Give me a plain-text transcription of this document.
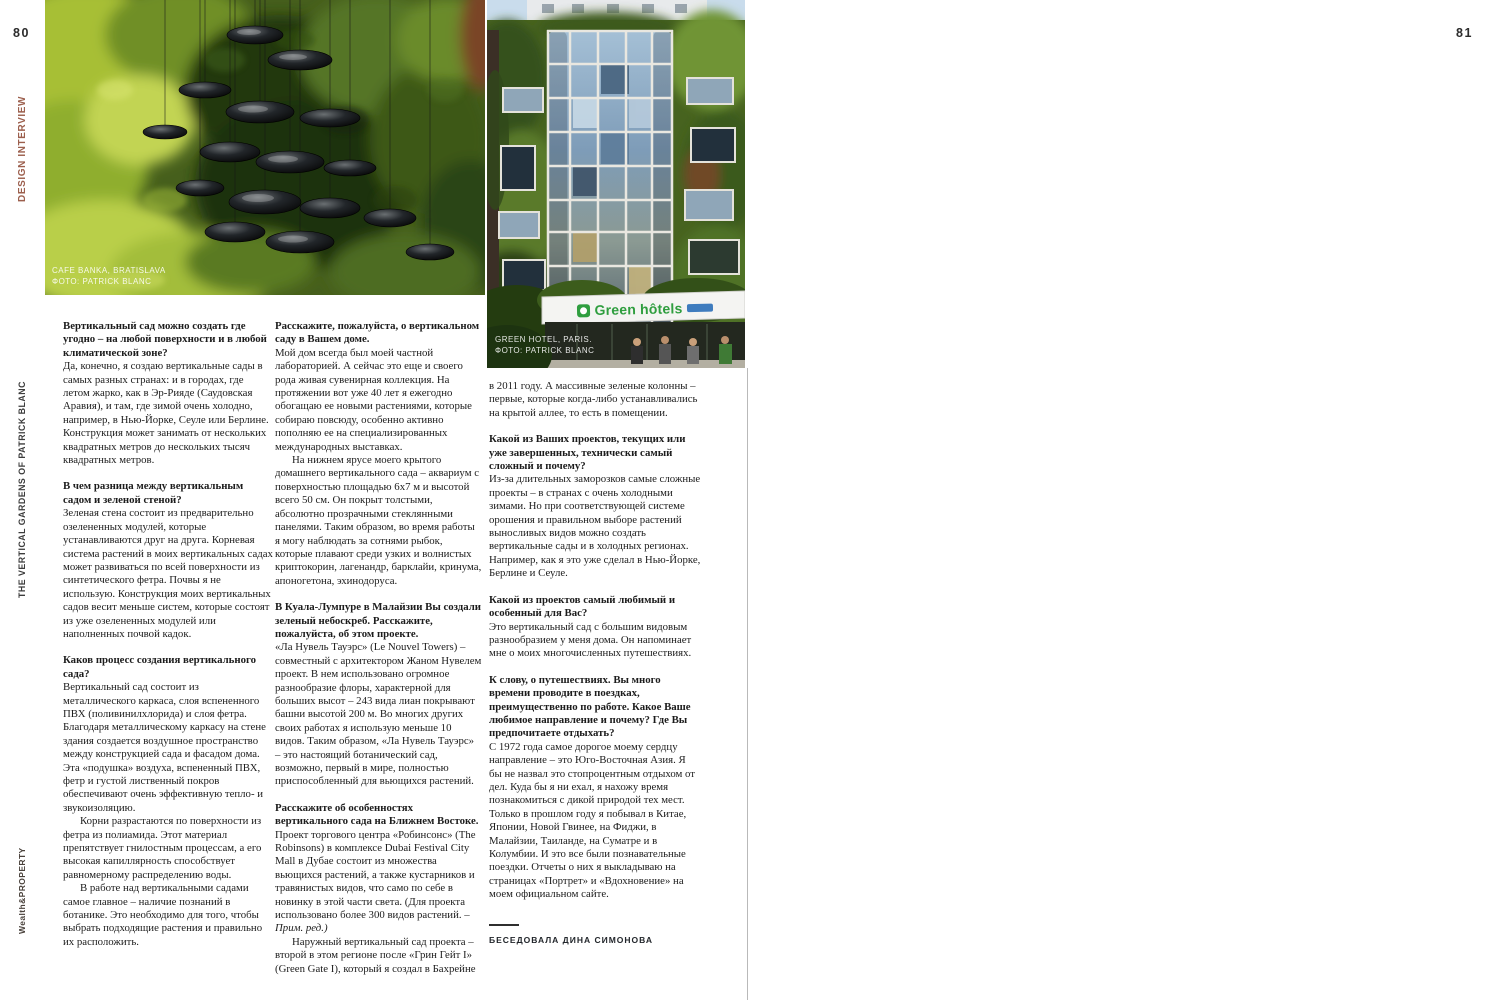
80	81
DESIGN INTERVIEW
THE VERTICAL GARDENS OF PATRICK BLANC
Wealth&PROPERTY
CAFE BANKA, BRATISLAVA
ФОТО: PATRICK BLANC
Green hôtels
GREEN HOTEL, PARIS.
ФОТО: PATRICK BLANC
Вертикальный сад можно создать где угодно – на любой поверхности и в любой климатической зоне?

Да, конечно, я создаю вертикальные сады в самых разных странах: и в городах, где летом жарко, как в Эр-Рияде (Саудовская Аравия), и там, где зимой очень холодно, например, в Нью-Йорке, Сеуле или Берлине. Конструкция может занимать от нескольких квадратных метров до нескольких тысяч квадратных метров.

В чем разница между вертикальным садом и зеленой стеной?

Зеленая стена состоит из предварительно озелененных модулей, которые устанавливаются друг на друга. Корневая система растений в моих вертикальных садах может развиваться по всей поверхности из синтетического фетра. Почвы я не использую. Конструкция моих вертикальных садов весит меньше систем, которые состоят из уже озелененных модулей или наполненных почвой кадок.

Каков процесс создания вертикального сада?

Вертикальный сад состоит из металлического каркаса, слоя вспененного ПВХ (поливинилхлорида) и слоя фетра. Благодаря металлическому каркасу на стене здания создается воздушное пространство между конструкцией сада и фасадом дома. Эта «подушка» воздуха, вспененный ПВХ, фетр и густой лиственный покров обеспечивают очень эффективную тепло- и звукоизоляцию.

Корни разрастаются по поверхности из фетра из полиамида. Этот материал препятствует гнилостным процессам, а его высокая капиллярность способствует равномерному распределению воды.

В работе над вертикальными садами самое главное – наличие познаний в ботанике. Это необходимо для того, чтобы выбрать подходящие растения и правильно их расположить.

Расскажите, пожалуйста, о вертикальном саду в Вашем доме.

Мой дом всегда был моей частной лабораторией. А сейчас это еще и своего рода живая сувенирная коллекция. На протяжении вот уже 40 лет я ежегодно обогащаю ее новыми растениями, которые собираю повсюду, особенно активно пополняю ее на специализированных международных выставках.

На нижнем ярусе моего крытого домашнего вертикального сада – аквариум с поверхностью площадью 6х7 м и высотой всего 50 см. Он покрыт толстыми, абсолютно прозрачными стеклянными панелями. Таким образом, во время работы я могу наблюдать за сотнями рыбок, которые плавают среди узких и волнистых криптокорин, лагенандр, барклайи, кринума, апоногетона, эхинодоруса.

В Куала-Лумпуре в Малайзии Вы создали зеленый небоскреб. Расскажите, пожалуйста, об этом проекте.

«Ла Нувель Тауэрс» (Le Nouvel Towers) – совместный с архитектором Жаном Нувелем проект. В нем использовано огромное разнообразие флоры, характерной для больших высот – 243 вида лиан покрывают башни высотой 200 м. Во многих других своих работах я использую меньше 10 видов. Таким образом, «Ла Нувель Тауэрс» – это настоящий ботанический сад, возможно, первый в мире, полностью приспособленный для вьющихся растений.

Расскажите об особенностях вертикального сада на Ближнем Востоке.

Проект торгового центра «Робинсонс» (The Robinsons) в комплексе Dubai Festival City Mall в Дубае состоит из множества вьющихся растений, а также кустарников и травянистых видов, что само по себе в новинку в этой части света. (Для проекта использовано более 300 видов растений. – Прим. ред.)

Наружный вертикальный сад проекта – второй в этом регионе после «Грин Гейт I» (Green Gate I), который я создал в Бахрейне

в 2011 году. А массивные зеленые колонны – первые, которые когда-либо устанавливались на крытой аллее, то есть в помещении.

Какой из Ваших проектов, текущих или уже завершенных, технически самый сложный и почему?

Из-за длительных заморозков самые сложные проекты – в странах с очень холодными зимами. Но при соответствующей системе орошения и правильном выборе растений выносливых видов можно создать вертикальные сады и в холодных регионах. Например, как я это уже сделал в Нью-Йорке, Берлине и Сеуле.

Какой из проектов самый любимый и особенный для Вас?

Это вертикальный сад с большим видовым разнообразием у меня дома. Он напоминает мне о моих многочисленных путешествиях.

К слову, о путешествиях. Вы много времени проводите в поездках, преимущественно по работе. Какое Ваше любимое направление и почему? Где Вы предпочитаете отдыхать?

С 1972 года самое дорогое моему сердцу направление – это Юго-Восточная Азия. Я бы не назвал это стопроцентным отдыхом от дел. Куда бы я ни ехал, я нахожу время познакомиться с дикой природой тех мест. Только в прошлом году я побывал в Китае, Японии, Новой Гвинее, на Фиджи, в Малайзии, Таиланде, на Суматре и в Колумбии. И это все были познавательные поездки. Отчеты о них я выкладываю на страницах «Портрет» и «Вдохновение» на моем официальном сайте.

БЕСЕДОВАЛА ДИНА СИМОНОВА
